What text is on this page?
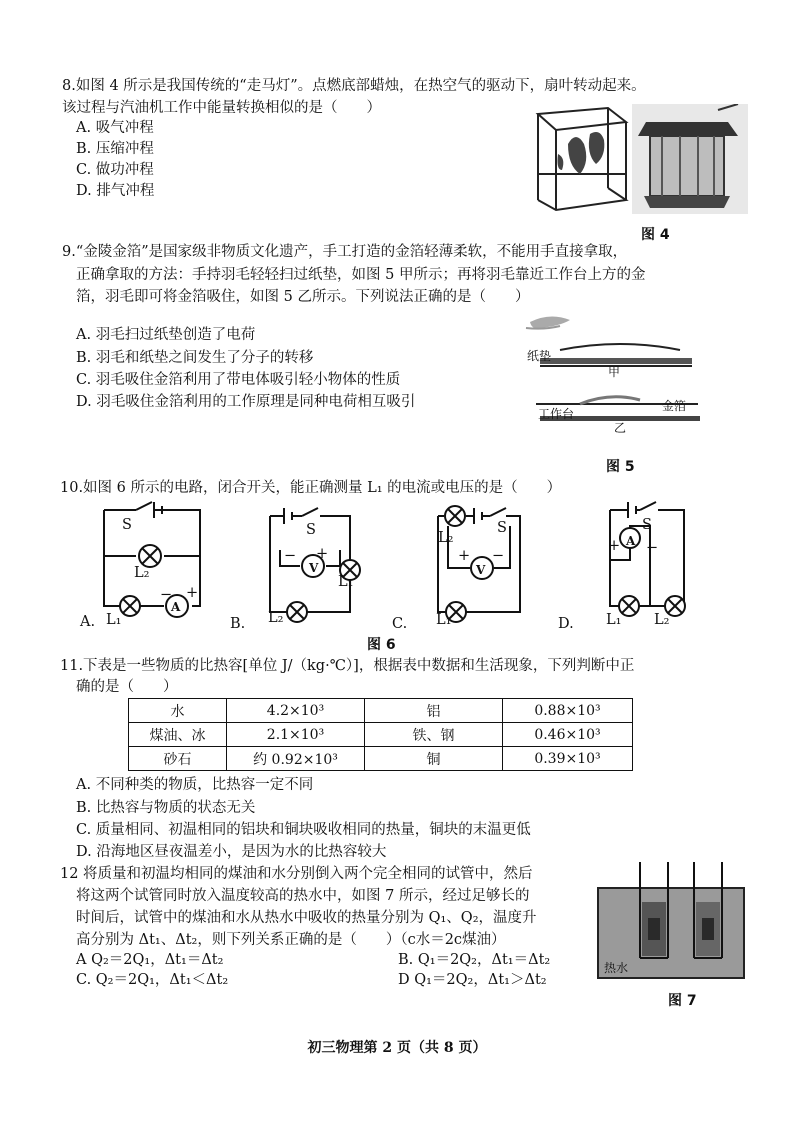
8.如图 4 所示是我国传统的“走马灯”。点燃底部蜡烛，在热空气的驱动下，扇叶转动起来。
该过程与汽油机工作中能量转换相似的是（　　）
A. 吸气冲程
B. 压缩冲程
C. 做功冲程
D. 排气冲程
图 4
9.“金陵金箔”是国家级非物质文化遗产，手工打造的金箔轻薄柔软，不能用手直接拿取，
正确拿取的方法：手持羽毛轻轻扫过纸垫，如图 5 甲所示；再将羽毛靠近工作台上方的金
箔，羽毛即可将金箔吸住，如图 5 乙所示。下列说法正确的是（　　）
A. 羽毛扫过纸垫创造了电荷
B. 羽毛和纸垫之间发生了分子的转移
C. 羽毛吸住金箔利用了带电体吸引轻小物体的性质
D. 羽毛吸住金箔利用的工作原理是同种电荷相互吸引
纸垫
甲
工作台
金箔
乙
图 5
10.如图 6 所示的电路，闭合开关，能正确测量 L₁ 的电流或电压的是（　　）
S
L₂
A
− +
A. L₁
S
V
− +
L₁
B. L₂
L₂
S
V
+ −
C. L₁
S
+ A −
D. L₁ L₂
图 6
11.下表是一些物质的比热容[单位 J/（kg·℃）]，根据表中数据和生活现象，下列判断中正
确的是（　　）
水	4.2×10³	铝	0.88×10³
煤油、冰	2.1×10³	铁、钢	0.46×10³
砂石	约 0.92×10³	铜	0.39×10³
A. 不同种类的物质，比热容一定不同
B. 比热容与物质的状态无关
C. 质量相同、初温相同的铝块和铜块吸收相同的热量，铜块的末温更低
D. 沿海地区昼夜温差小，是因为水的比热容较大
12 将质量和初温均相同的煤油和水分别倒入两个完全相同的试管中，然后
将这两个试管同时放入温度较高的热水中，如图 7 所示，经过足够长的
时间后，试管中的煤油和水从热水中吸收的热量分别为 Q₁、Q₂，温度升
高分别为 Δt₁、Δt₂，则下列关系正确的是（　　）（c水＝2c煤油）
A Q₂＝2Q₁，Δt₁＝Δt₂	B. Q₁＝2Q₂，Δt₁＝Δt₂
C. Q₂＝2Q₁，Δt₁＜Δt₂	D Q₁＝2Q₂，Δt₁＞Δt₂
热水
图 7
初三物理第 2 页（共 8 页）
